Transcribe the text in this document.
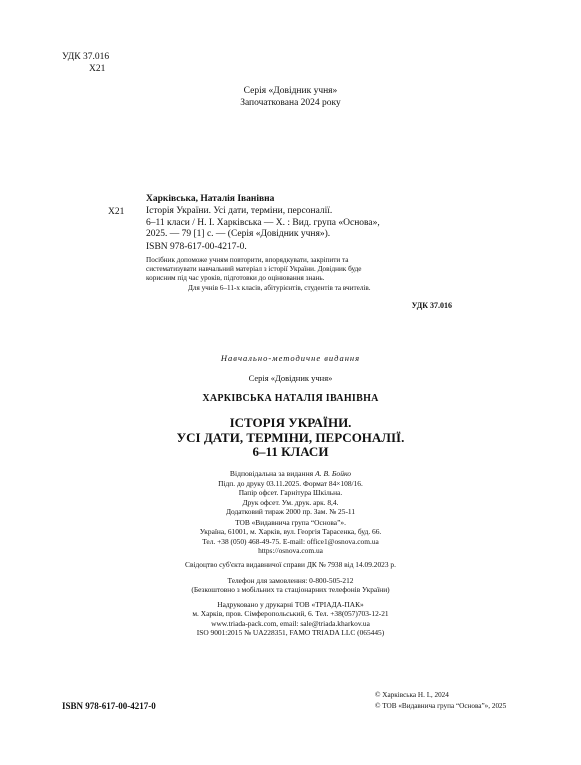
УДК 37.016
Х21
Серія «Довідник учня»
Започаткована 2024 року
Харківська, Наталія Іванівна
Х21 Історія України. Усі дати, терміни, персоналії.
6–11 класи / Н. І. Харківська — Х. : Вид. група «Основа»,
2025. — 79 [1] с. — (Серія «Довідник учня»).
ISBN 978-617-00-4217-0.
Посібник допоможе учням повторити, впорядкувати, закріпити та
систематизувати навчальний матеріал з історії України. Довідник буде
корисним під час уроків, підготовки до оцінювання знань.
Для учнів 6–11-х класів, абітурієнтів, студентів та вчителів.
УДК 37.016
Навчально-методичне видання
Серія «Довідник учня»
ХАРКІВСЬКА НАТАЛІЯ ІВАНІВНА
ІСТОРІЯ УКРАЇНИ.
УСІ ДАТИ, ТЕРМІНИ, ПЕРСОНАЛІЇ.
6–11 КЛАСИ
Відповідальна за видання А. В. Бойко
Підп. до друку 03.11.2025. Формат 84×108/16.
Папір офсет. Гарнітура Шкільна.
Друк офсет. Ум. друк. арк. 8,4.
Додатковий тираж 2000 пр. Зам. № 25-11
ТОВ «Видавнича група “Основа”».
Україна, 61001, м. Харків, вул. Георгія Тарасенка, буд. 66.
Тел. +38 (050) 468-49-75. E-mail: office1@osnova.com.ua
https://osnova.com.ua
Свідоцтво суб'єкта видавничої справи ДК № 7938 від 14.09.2023 р.
Телефон для замовлення: 0-800-505-212
(Безкоштовно з мобільних та стаціонарних телефонів України)
Надруковано у друкарні ТОВ «ТРІАДА-ПАК»
м. Харків, пров. Сімферопольський, 6. Тел. +38(057)703-12-21
www.triada-pack.com, email: sale@triada.kharkov.ua
ISO 9001:2015 № UA228351, FAMO TRIADA LLC (065445)
ISBN 978-617-00-4217-0
© Харківська Н. І., 2024
© ТОВ «Видавнича група “Основа”», 2025
